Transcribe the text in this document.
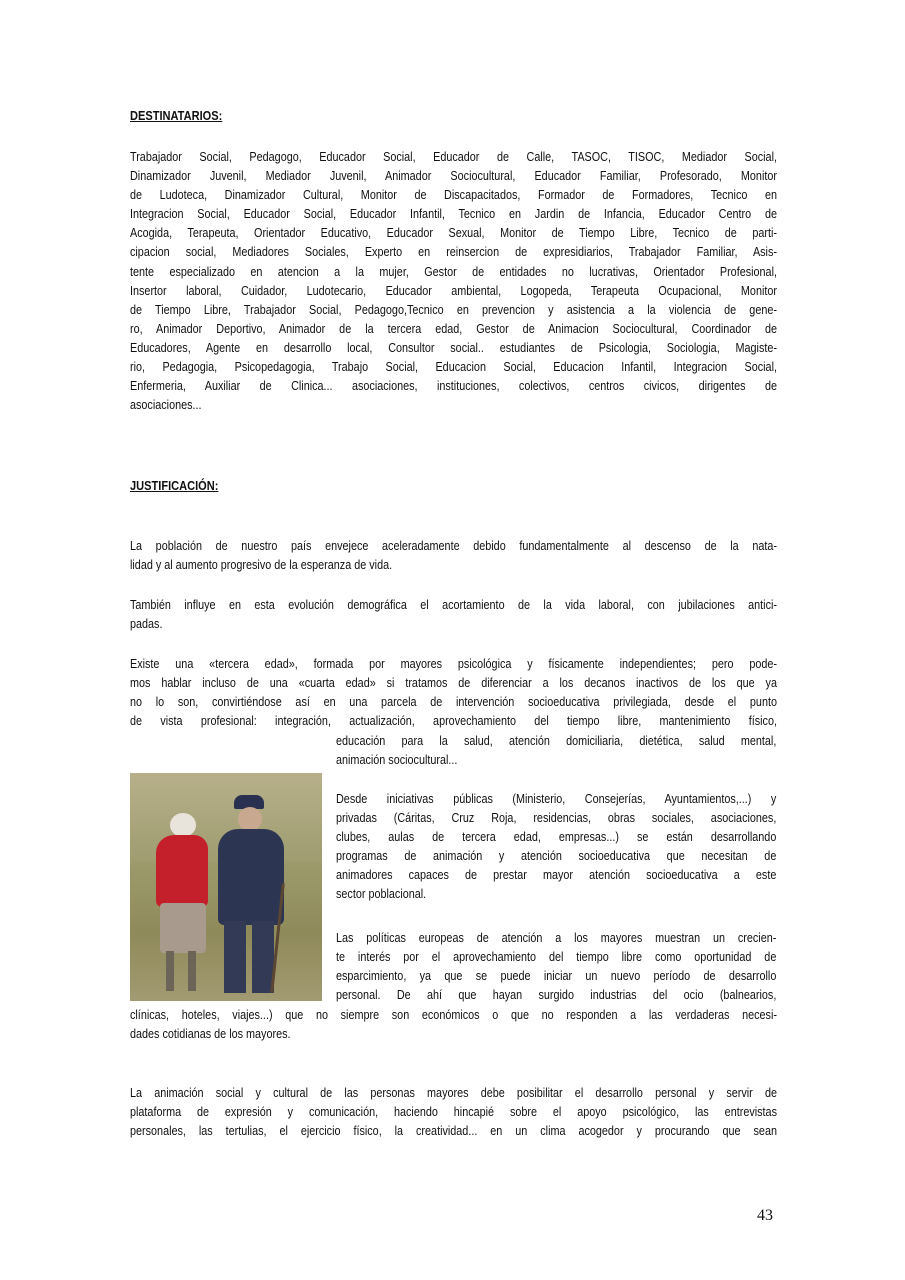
DESTINATARIOS:
Trabajador Social, Pedagogo, Educador Social, Educador de Calle, TASOC, TISOC, Mediador Social,
Dinamizador Juvenil, Mediador Juvenil, Animador Sociocultural, Educador Familiar, Profesorado, Monitor
de Ludoteca, Dinamizador Cultural, Monitor de Discapacitados, Formador de Formadores, Tecnico en
Integracion Social, Educador Social, Educador Infantil, Tecnico en Jardin de Infancia, Educador Centro de
Acogida, Terapeuta, Orientador Educativo, Educador Sexual, Monitor de Tiempo Libre, Tecnico de parti-
cipacion social, Mediadores Sociales, Experto en reinsercion de expresidiarios, Trabajador Familiar, Asis-
tente especializado en atencion a la mujer, Gestor de entidades no lucrativas, Orientador Profesional,
Insertor laboral, Cuidador, Ludotecario, Educador ambiental, Logopeda, Terapeuta Ocupacional, Monitor
de Tiempo Libre, Trabajador Social, Pedagogo,Tecnico en prevencion y asistencia a la violencia de gene-
ro, Animador Deportivo, Animador de la tercera edad, Gestor de Animacion Sociocultural, Coordinador de
Educadores, Agente en desarrollo local, Consultor social.. estudiantes de Psicologia, Sociologia, Magiste-
rio, Pedagogia, Psicopedagogia, Trabajo Social, Educacion Social, Educacion Infantil, Integracion Social,
Enfermeria, Auxiliar de Clinica... asociaciones, instituciones, colectivos, centros civicos, dirigentes de
asociaciones...
JUSTIFICACIÓN:
La población de nuestro país envejece aceleradamente debido fundamentalmente al descenso de la nata-
lidad y al aumento progresivo de la esperanza de vida.
También influye en esta evolución demográfica el acortamiento de la vida laboral, con jubilaciones antici-
padas.
Existe una «tercera edad», formada por mayores psicológica y físicamente independientes; pero pode-
mos hablar incluso de una «cuarta edad» si tratamos de diferenciar a los decanos inactivos de los que ya
no lo son, convirtiéndose así en una parcela de intervención socioeducativa privilegiada, desde el punto
de vista profesional: integración, actualización, aprovechamiento del tiempo libre, mantenimiento físico,
educación para la salud, atención domiciliaria, dietética, salud mental,
animación sociocultural...
Desde iniciativas públicas (Ministerio, Consejerías, Ayuntamientos,...) y
privadas (Cáritas, Cruz Roja, residencias, obras sociales, asociaciones,
clubes, aulas de tercera edad, empresas...) se están desarrollando
programas de animación y atención socioeducativa que necesitan de
animadores capaces de prestar mayor atención socioeducativa a este
sector poblacional.
Las políticas europeas de atención a los mayores muestran un crecien-
te interés por el aprovechamiento del tiempo libre como oportunidad de
esparcimiento, ya que se puede iniciar un nuevo período de desarrollo
personal. De ahí que hayan surgido industrias del ocio (balnearios,
clínicas, hoteles, viajes...) que no siempre son económicos o que no responden a las verdaderas necesi-
dades cotidianas de los mayores.
La animación social y cultural de las personas mayores debe posibilitar el desarrollo personal y servir de
plataforma de expresión y comunicación, haciendo hincapié sobre el apoyo psicológico, las entrevistas
personales, las tertulias, el ejercicio físico, la creatividad... en un clima acogedor y procurando que sean
43
